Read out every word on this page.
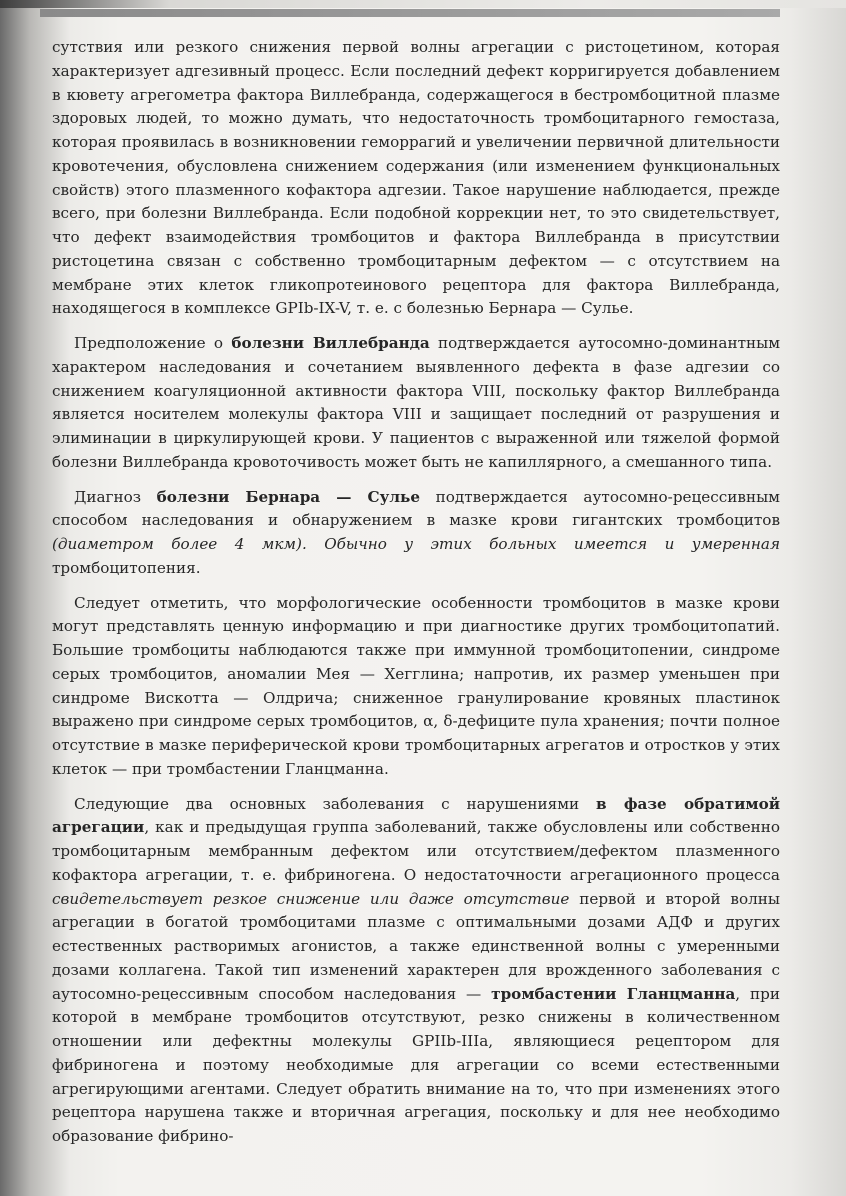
сутствия или резкого снижения первой волны агрегации с ристоцетином, которая характеризует адгезивный процесс. Если последний дефект корригируется добавлением в кювету агрегометра фактора Виллебранда, содержащегося в бестромбоцитной плазме здоровых людей, то можно думать, что недостаточность тромбоцитарного гемостаза, которая проявилась в возникновении геморрагий и увеличении первичной длительности кровотечения, обусловлена снижением содержания (или изменением функциональных свойств) этого плазменного кофактора адгезии. Такое нарушение наблюдается, прежде всего, при болезни Виллебранда. Если подобной коррекции нет, то это свидетельствует, что дефект взаимодействия тромбоцитов и фактора Виллебранда в присутствии ристоцетина связан с собственно тромбоцитарным дефектом — с отсутствием на мембране этих клеток гликопротеинового рецептора для фактора Виллебранда, находящегося в комплексе GPIb-IX-V, т. е. с болезнью Бернара — Сулье.

Предположение о болезни Виллебранда подтверждается аутосомно-доминантным характером наследования и сочетанием выявленного дефекта в фазе адгезии со снижением коагуляционной активности фактора VIII, поскольку фактор Виллебранда является носителем молекулы фактора VIII и защищает последний от разрушения и элиминации в циркулирующей крови. У пациентов с выраженной или тяжелой формой болезни Виллебранда кровоточивость может быть не капиллярного, а смешанного типа.

Диагноз болезни Бернара — Сулье подтверждается аутосомно-рецессивным способом наследования и обнаружением в мазке крови гигантских тромбоцитов (диаметром более 4 мкм). Обычно у этих больных имеется и умеренная тромбоцитопения.

Следует отметить, что морфологические особенности тромбоцитов в мазке крови могут представлять ценную информацию и при диагностике других тромбоцитопатий. Большие тромбоциты наблюдаются также при иммунной тромбоцитопении, синдроме серых тромбоцитов, аномалии Мея — Хегглина; напротив, их размер уменьшен при синдроме Вискотта — Олдрича; сниженное гранулирование кровяных пластинок выражено при синдроме серых тромбоцитов, α, δ-дефиците пула хранения; почти полное отсутствие в мазке периферической крови тромбоцитарных агрегатов и отростков у этих клеток — при тромбастении Гланцманна.

Следующие два основных заболевания с нарушениями в фазе обратимой агрегации, как и предыдущая группа заболеваний, также обусловлены или собственно тромбоцитарным мембранным дефектом или отсутствием/дефектом плазменного кофактора агрегации, т. е. фибриногена. О недостаточности агрегационного процесса свидетельствует резкое снижение или даже отсутствие первой и второй волны агрегации в богатой тромбоцитами плазме с оптимальными дозами АДФ и других естественных растворимых агонистов, а также единственной волны с умеренными дозами коллагена. Такой тип изменений характерен для врожденного заболевания с аутосомно-рецессивным способом наследования — тромбастении Гланцманна, при которой в мембране тромбоцитов отсутствуют, резко снижены в количественном отношении или дефектны молекулы GPIIb-IIIa, являющиеся рецептором для фибриногена и поэтому необходимые для агрегации со всеми естественными агрегирующими агентами. Следует обратить внимание на то, что при изменениях этого рецептора нарушена также и вторичная агрегация, поскольку и для нее необходимо образование фибрино-
